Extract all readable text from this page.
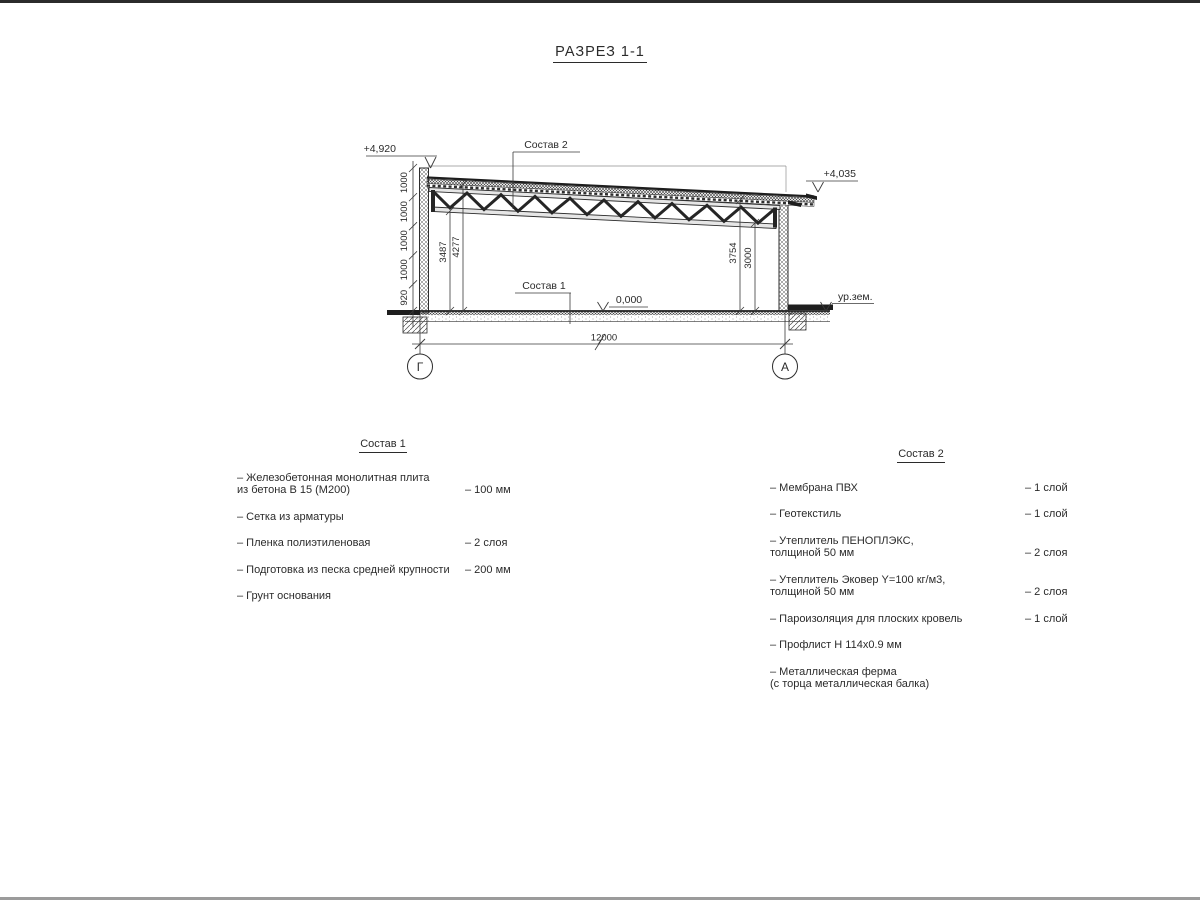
РАЗРЕЗ 1-1
1000
1000
1000
1000
920
3487 4277	3754 3000
+4,920
+4,035
0,000	ур.зем.
Состав 2
Состав 1
12000
Г	А
Состав 1
– Железобетонная монолитная плита
из бетона В 15 (М200)	– 100 мм
– Сетка из арматуры
– Пленка полиэтиленовая	– 2 слоя
– Подготовка из песка средней крупности	– 200 мм
– Грунт основания
Состав 2
– Мембрана ПВХ	– 1 слой
– Геотекстиль	– 1 слой
– Утеплитель ПЕНОПЛЭКС,
толщиной 50 мм	– 2 слоя
– Утеплитель Эковер Y=100 кг/м3,
толщиной 50 мм	– 2 слоя
– Пароизоляция для плоских кровель	– 1 слой
– Профлист Н 114х0.9 мм
– Металлическая ферма
(с торца металлическая балка)
